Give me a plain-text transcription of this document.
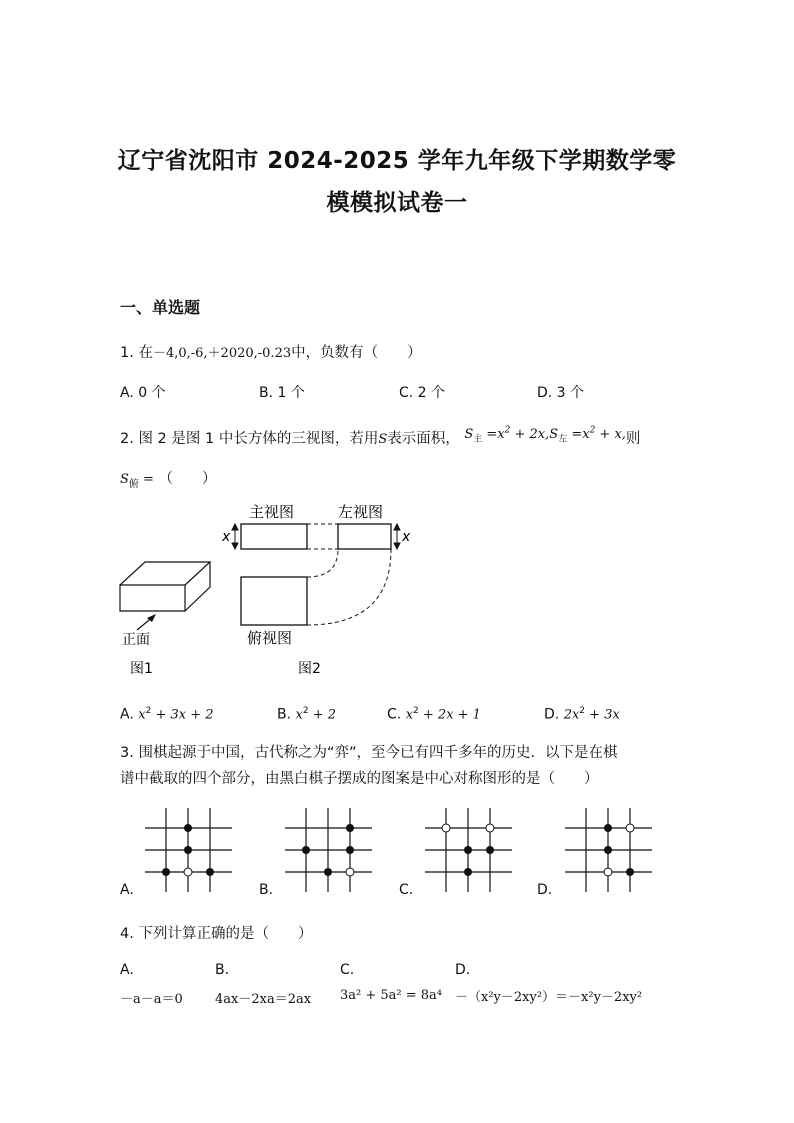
辽宁省沈阳市 2024-2025 学年九年级下学期数学零
模模拟试卷一
一、单选题
1. 在－4,0,-6,＋2020,-0.23中，负数有（　　）
A. 0 个	B. 1 个	C. 2 个	D. 3 个
2. 图 2 是图 1 中长方体的三视图，若用S表示面积， $S_主 =x^2 + 2x,S_左 =x^2 + x$,则
$S_俯$ = （　　）
正面
图1
主视图	左视图
俯视图
图2
x	x
A. $x^2 + 3x + 2$	B. $x^2 + 2$	C. $x^2 + 2x + 1$	D. $2x^2 + 3x$
3. 围棋起源于中国，古代称之为“弈”，至今已有四千多年的历史．以下是在棋
谱中截取的四个部分，由黑白棋子摆成的图案是中心对称图形的是（　　）
A.	B.	C.	D.
4. 下列计算正确的是（　　）
A.	B.	C.	D.
－a－a＝0 4ax－2xa＝2ax 3a² + 5a² = 8a⁴ －（x²y－2xy²）＝－x²y－2xy²
